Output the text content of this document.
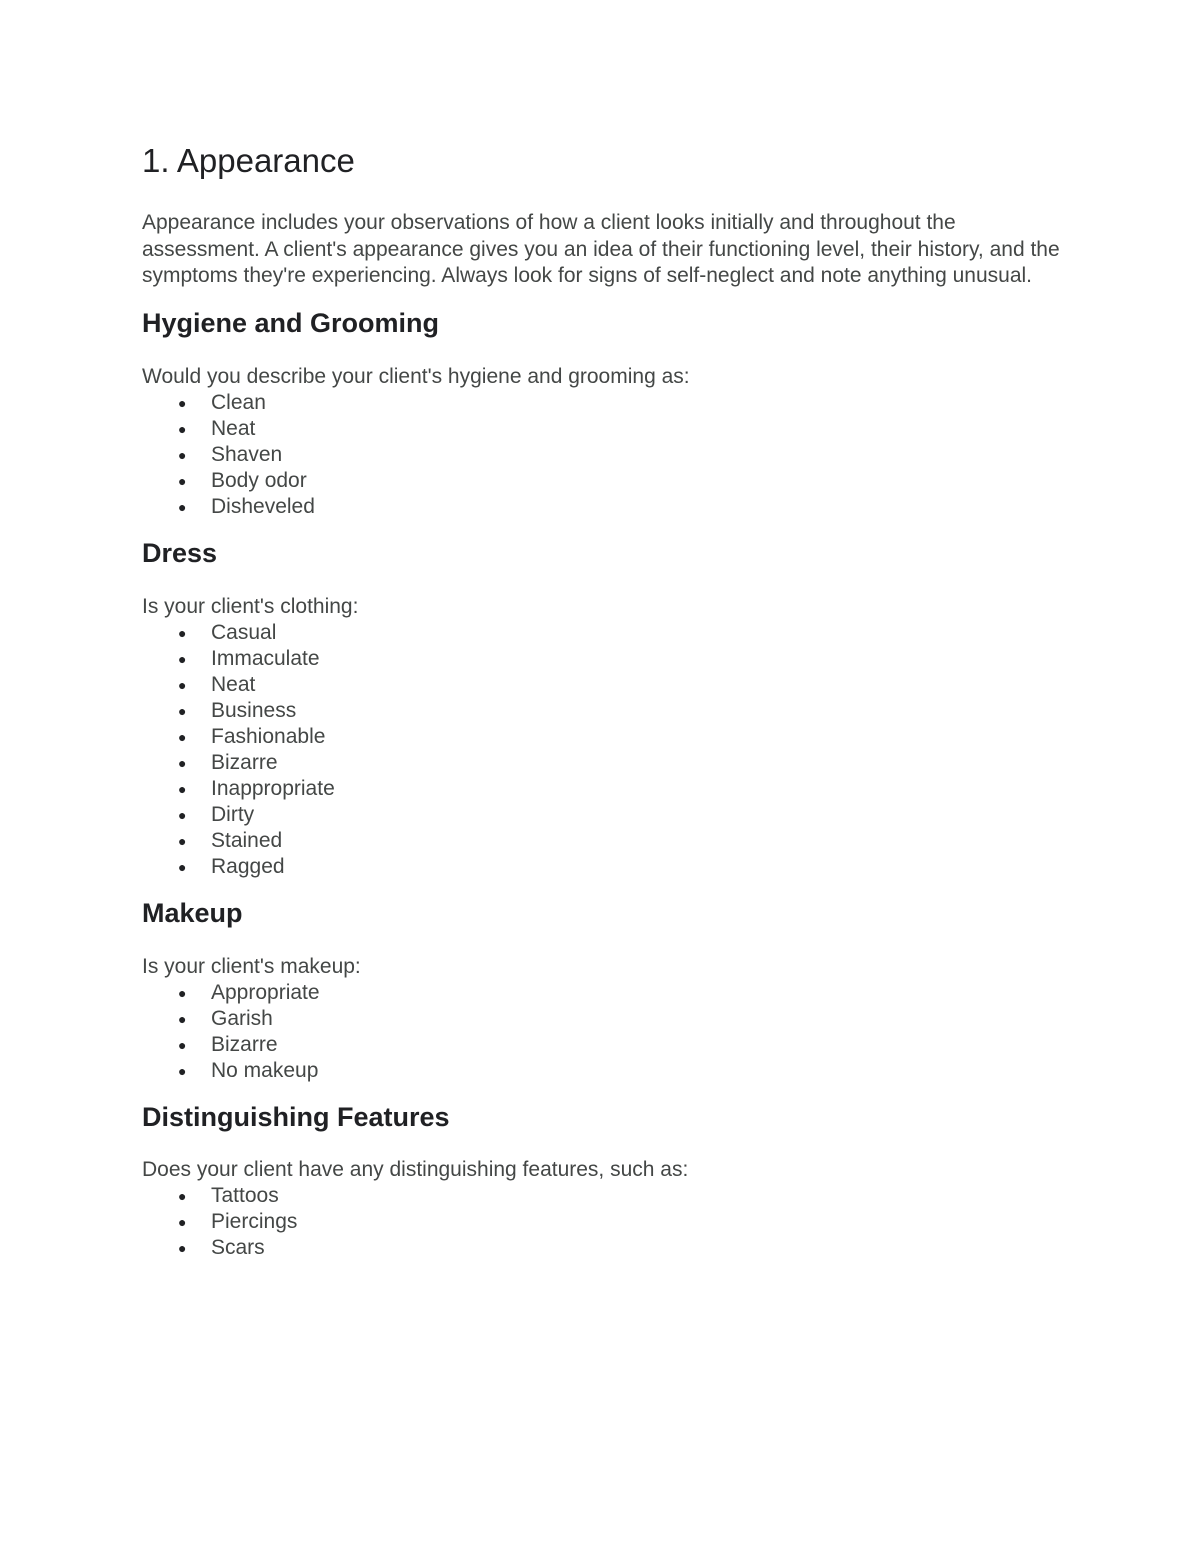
1. Appearance

Appearance includes your observations of how a client looks initially and throughout the assessment. A client's appearance gives you an idea of their functioning level, their history, and the symptoms they're experiencing. Always look for signs of self-neglect and note anything unusual.

Hygiene and Grooming

Would you describe your client's hygiene and grooming as:

● Clean
● Neat
● Shaven
● Body odor
● Disheveled
Dress

Is your client's clothing:

● Casual
● Immaculate
● Neat
● Business
● Fashionable
● Bizarre
● Inappropriate
● Dirty
● Stained
● Ragged
Makeup

Is your client's makeup:

● Appropriate
● Garish
● Bizarre
● No makeup
Distinguishing Features

Does your client have any distinguishing features, such as:

● Tattoos
● Piercings
● Scars
